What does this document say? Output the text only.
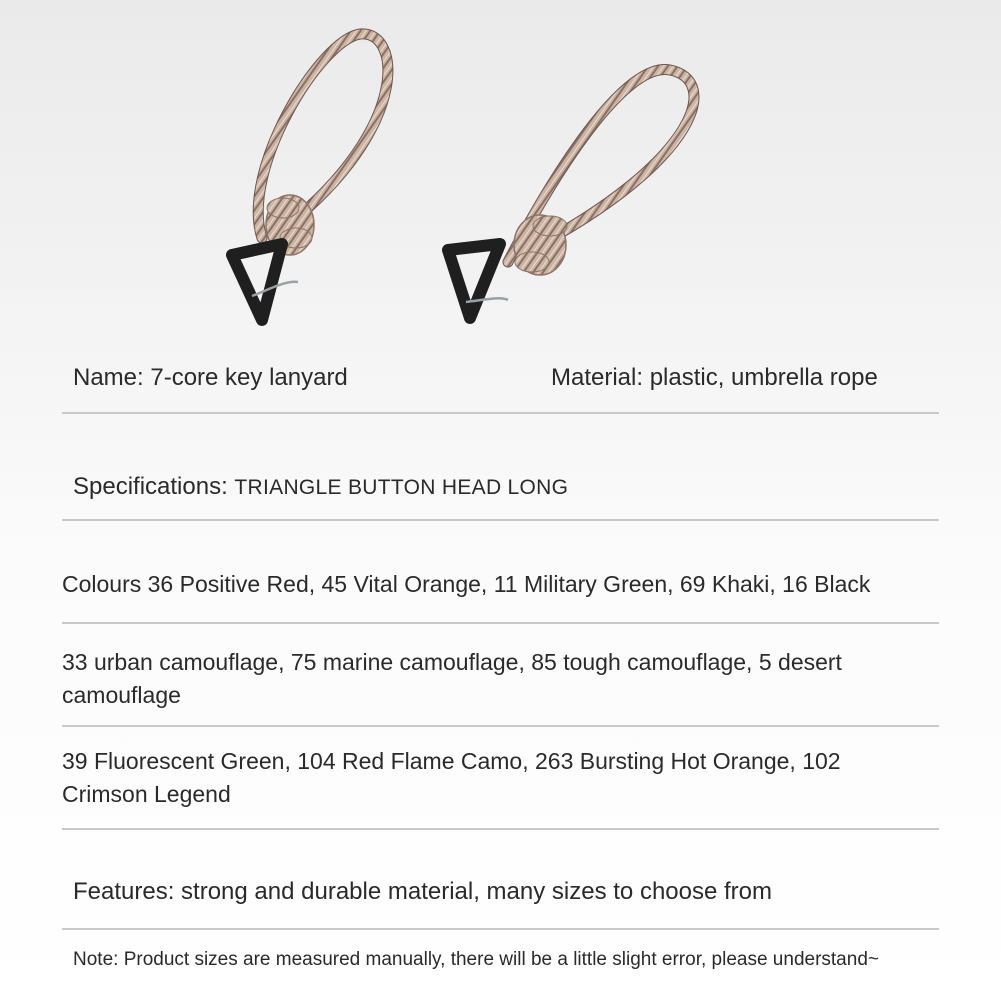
Name: 7-core key lanyard	Material: plastic, umbrella rope
Specifications: TRIANGLE BUTTON HEAD LONG
Colours 36 Positive Red, 45 Vital Orange, 11 Military Green, 69 Khaki, 16 Black
33 urban camouflage, 75 marine camouflage, 85 tough camouflage, 5 desert camouflage
39 Fluorescent Green, 104 Red Flame Camo, 263 Bursting Hot Orange, 102 Crimson Legend
Features: strong and durable material, many sizes to choose from
Note: Product sizes are measured manually, there will be a little slight error, please understand~
